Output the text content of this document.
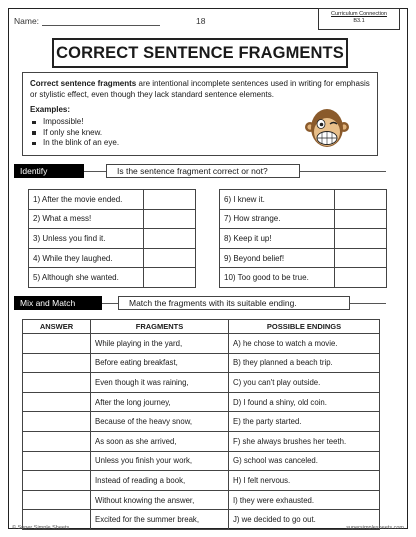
Name:	18
Curriculum Connection
B3.1
CORRECT SENTENCE FRAGMENTS
Correct sentence fragments are intentional incomplete sentences used in writing for emphasis or stylistic effect, even though they lack standard sentence elements.
Examples:
Impossible!
If only she knew.
In the blink of an eye.
Identify	Is the sentence fragment correct or not?
1) After the movie ended.	
2) What a mess!	
3) Unless you find it.	
4) While they laughed.	
5) Although she wanted.	
6) I knew it.	
7) How strange.	
8) Keep it up!	
9) Beyond belief!	
10) Too good to be true.	
Mix and Match	Match the fragments with its suitable ending.
ANSWER	FRAGMENTS	POSSIBLE ENDINGS
	While playing in the yard,	A) he chose to watch a movie.
	Before eating breakfast,	B) they planned a beach trip.
	Even though it was raining,	C) you can't play outside.
	After the long journey,	D) I found a shiny, old coin.
	Because of the heavy snow,	E) the party started.
	As soon as she arrived,	F) she always brushes her teeth.
	Unless you finish your work,	G) school was canceled.
	Instead of reading a book,	H) I felt nervous.
	Without knowing the answer,	I) they were exhausted.
	Excited for the summer break,	J) we decided to go out.
© Super Simple Sheets	supersimplesheets.com
